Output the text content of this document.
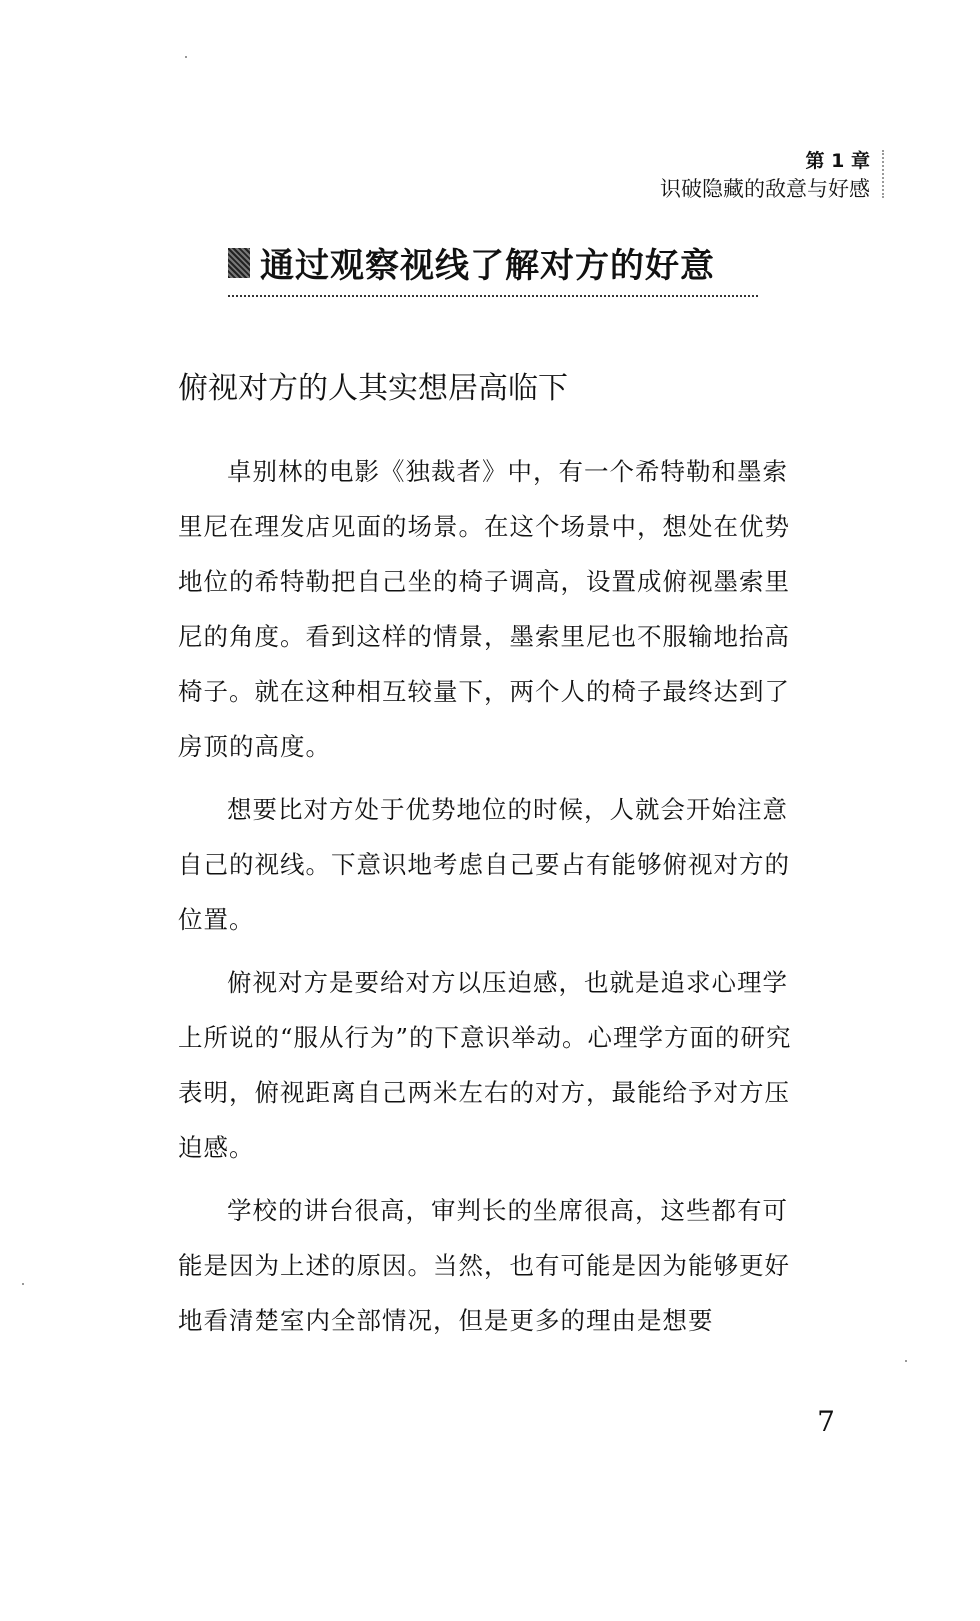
第 1 章
识破隐藏的敌意与好感
通过观察视线了解对方的好意
俯视对方的人其实想居高临下

卓别林的电影《独裁者》中，有一个希特勒和墨索里尼在理发店见面的场景。在这个场景中，想处在优势地位的希特勒把自己坐的椅子调高，设置成俯视墨索里尼的角度。看到这样的情景，墨索里尼也不服输地抬高椅子。就在这种相互较量下，两个人的椅子最终达到了房顶的高度。

想要比对方处于优势地位的时候，人就会开始注意自己的视线。下意识地考虑自己要占有能够俯视对方的位置。

俯视对方是要给对方以压迫感，也就是追求心理学上所说的“服从行为”的下意识举动。心理学方面的研究表明，俯视距离自己两米左右的对方，最能给予对方压迫感。

学校的讲台很高，审判长的坐席很高，这些都有可能是因为上述的原因。当然，也有可能是因为能够更好地看清楚室内全部情况，但是更多的理由是想要

7
